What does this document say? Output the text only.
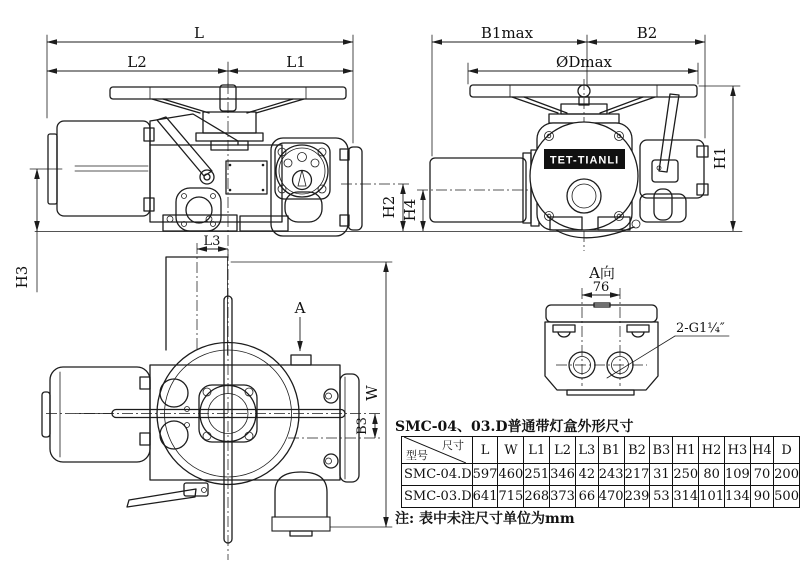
L
L2	L1
H3
H2
L3
B1max	B2
ØDmax
H1
H4
TET-TIANLI
W
B3
A
A向
76
2-G1¼″
SMC-04、03.D普通带灯盒外形尺寸
尺寸
型号	L	W	L1	L2	L3	B1	B2	B3	H1	H2	H3	H4	D
SMC-04.D	597	460	251	346	42	243	217	31	250	80	109	70	200
SMC-03.D	641	715	268	373	66	470	239	53	314	101	134	90	500
注: 表中未注尺寸单位为mm
